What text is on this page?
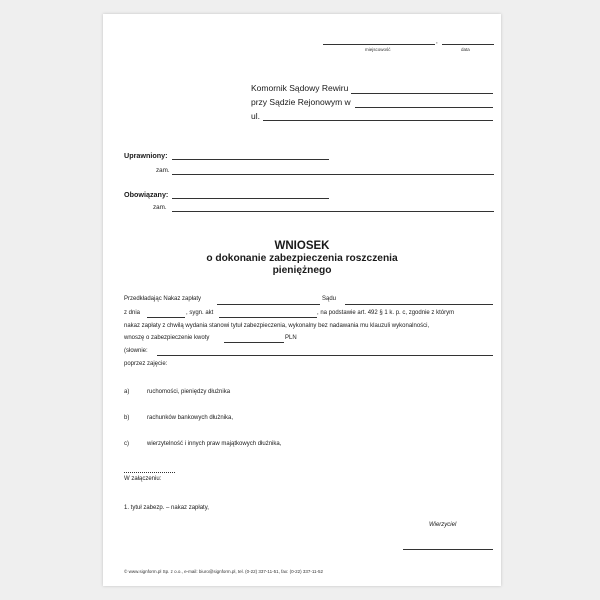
,
miejscowość	data
Komornik Sądowy Rewiru
przy Sądzie Rejonowym w
ul.
Uprawniony:
zam.
Obowiązany:
zam.
WNIOSEK
o dokonanie zabezpieczenia roszczenia
pieniężnego
Przedkładając Nakaz zapłaty	Sądu
z dnia	, sygn. akt	, na podstawie art. 492 § 1 k. p. c, zgodnie z którym
nakaz zapłaty z chwilą wydania stanowi tytuł zabezpieczenia, wykonalny bez nadawania mu klauzuli wykonalności,
wnoszę o zabezpieczenie kwoty	PLN
(słownie:
poprzez zajęcie:
a)	ruchomości, pieniędzy dłużnika
b)	rachunków bankowych dłużnika,
c)	wierzytelność i innych praw majątkowych dłużnika,
W załączeniu:
1. tytuł zabezp. – nakaz zapłaty,
Wierzyciel
© www.signform.pl Sp. z o.o., e-mail: biuro@signform.pl, tel. (0-22) 337-11-51, fax: (0-22) 337-11-52
